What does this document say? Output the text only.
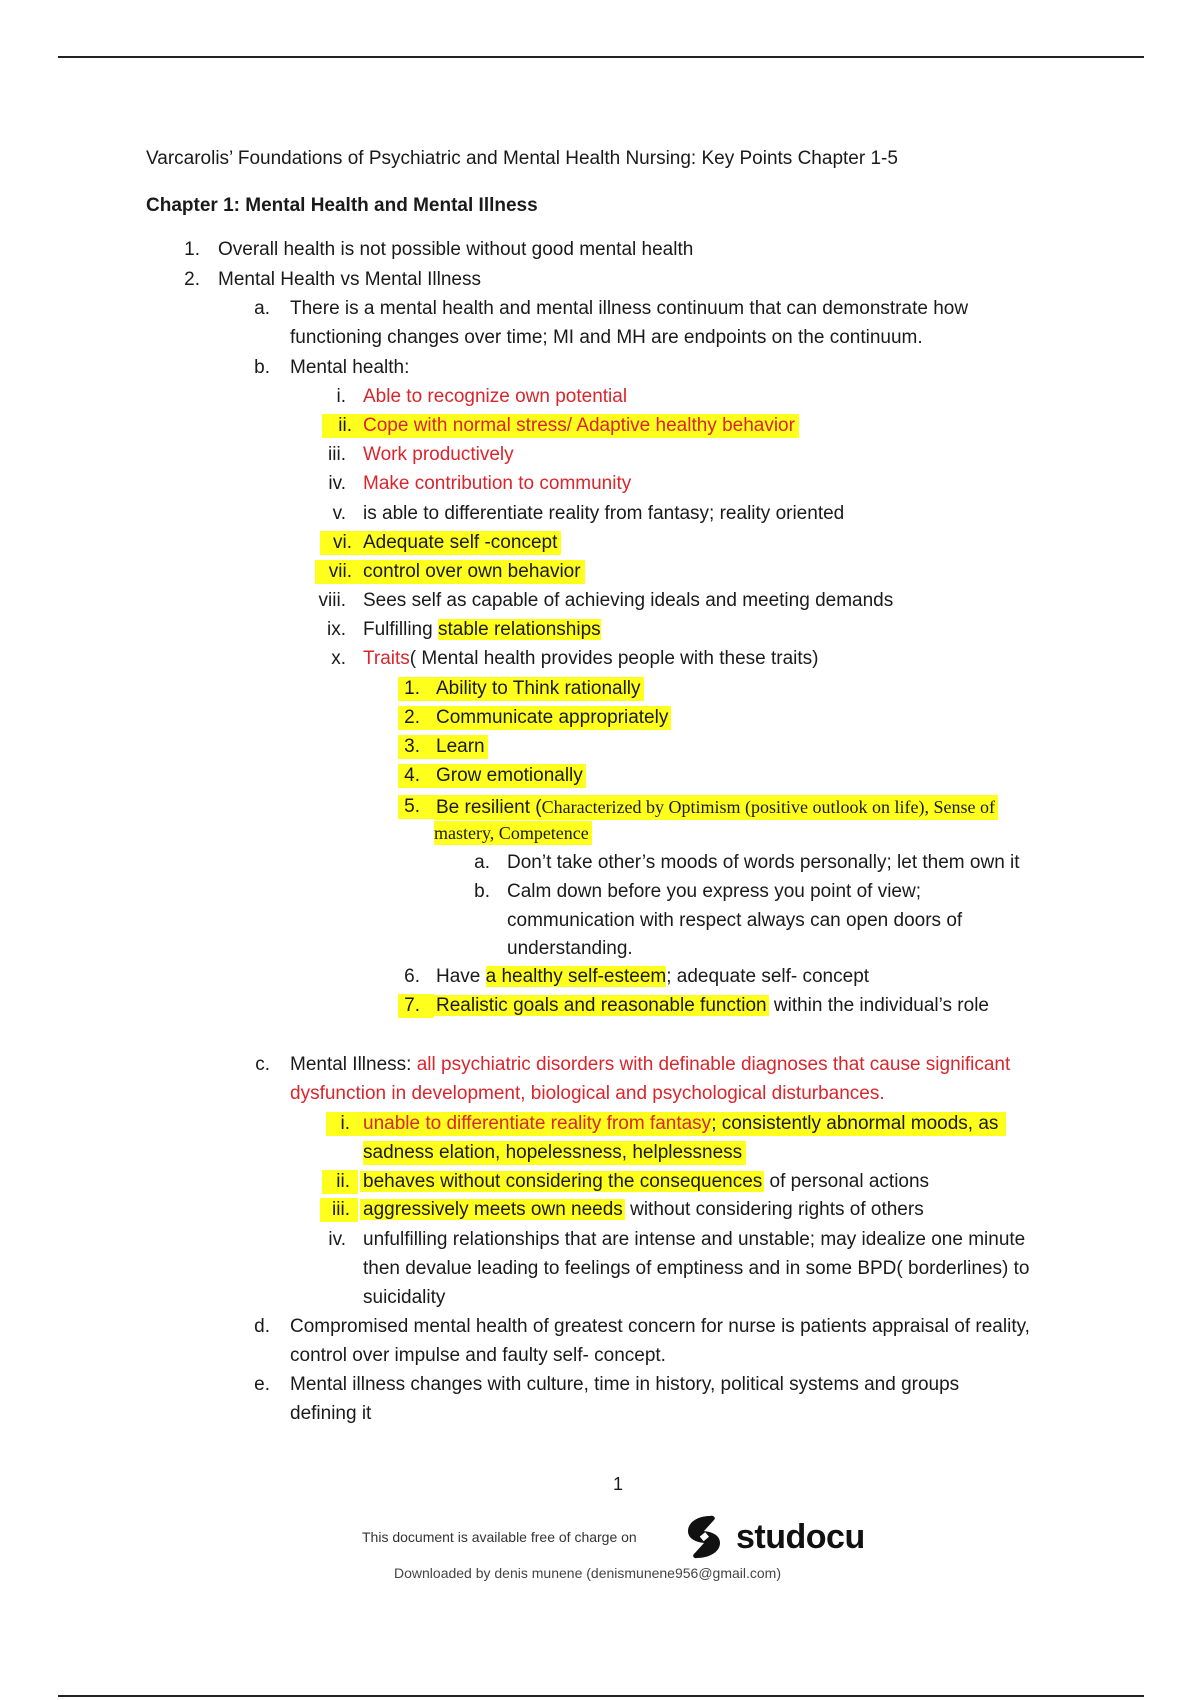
Varcarolis’ Foundations of Psychiatric and Mental Health Nursing: Key Points Chapter 1-5
Chapter 1: Mental Health and Mental Illness
1. Overall health is not possible without good mental health
2. Mental Health vs Mental Illness
a. There is a mental health and mental illness continuum that can demonstrate how
functioning changes over time; MI and MH are endpoints on the continuum.
b. Mental health:
i. Able to recognize own potential
ii. Cope with normal stress/ Adaptive healthy behavior
iii. Work productively
iv. Make contribution to community
v. is able to differentiate reality from fantasy; reality oriented
vi. Adequate self -concept
vii. control over own behavior
viii. Sees self as capable of achieving ideals and meeting demands
ix. Fulfilling stable relationships
x. Traits( Mental health provides people with these traits)
1. Ability to Think rationally
2. Communicate appropriately
3. Learn
4. Grow emotionally
5. Be resilient (Characterized by Optimism (positive outlook on life), Sense of
mastery, Competence
a. Don’t take other’s moods of words personally; let them own it
b. Calm down before you express you point of view;
communication with respect always can open doors of
understanding.
6. Have a healthy self-esteem; adequate self- concept
7. Realistic goals and reasonable function within the individual’s role
c. Mental Illness: all psychiatric disorders with definable diagnoses that cause significant
dysfunction in development, biological and psychological disturbances.
i. unable to differentiate reality from fantasy; consistently abnormal moods, as
sadness elation, hopelessness, helplessness
ii. behaves without considering the consequences of personal actions
iii. aggressively meets own needs without considering rights of others
iv. unfulfilling relationships that are intense and unstable; may idealize one minute
then devalue leading to feelings of emptiness and in some BPD( borderlines) to
suicidality
d. Compromised mental health of greatest concern for nurse is patients appraisal of reality,
control over impulse and faulty self- concept.
e. Mental illness changes with culture, time in history, political systems and groups
defining it
1
This document is available free of charge on	studocu
Downloaded by denis munene (denismunene956@gmail.com)
